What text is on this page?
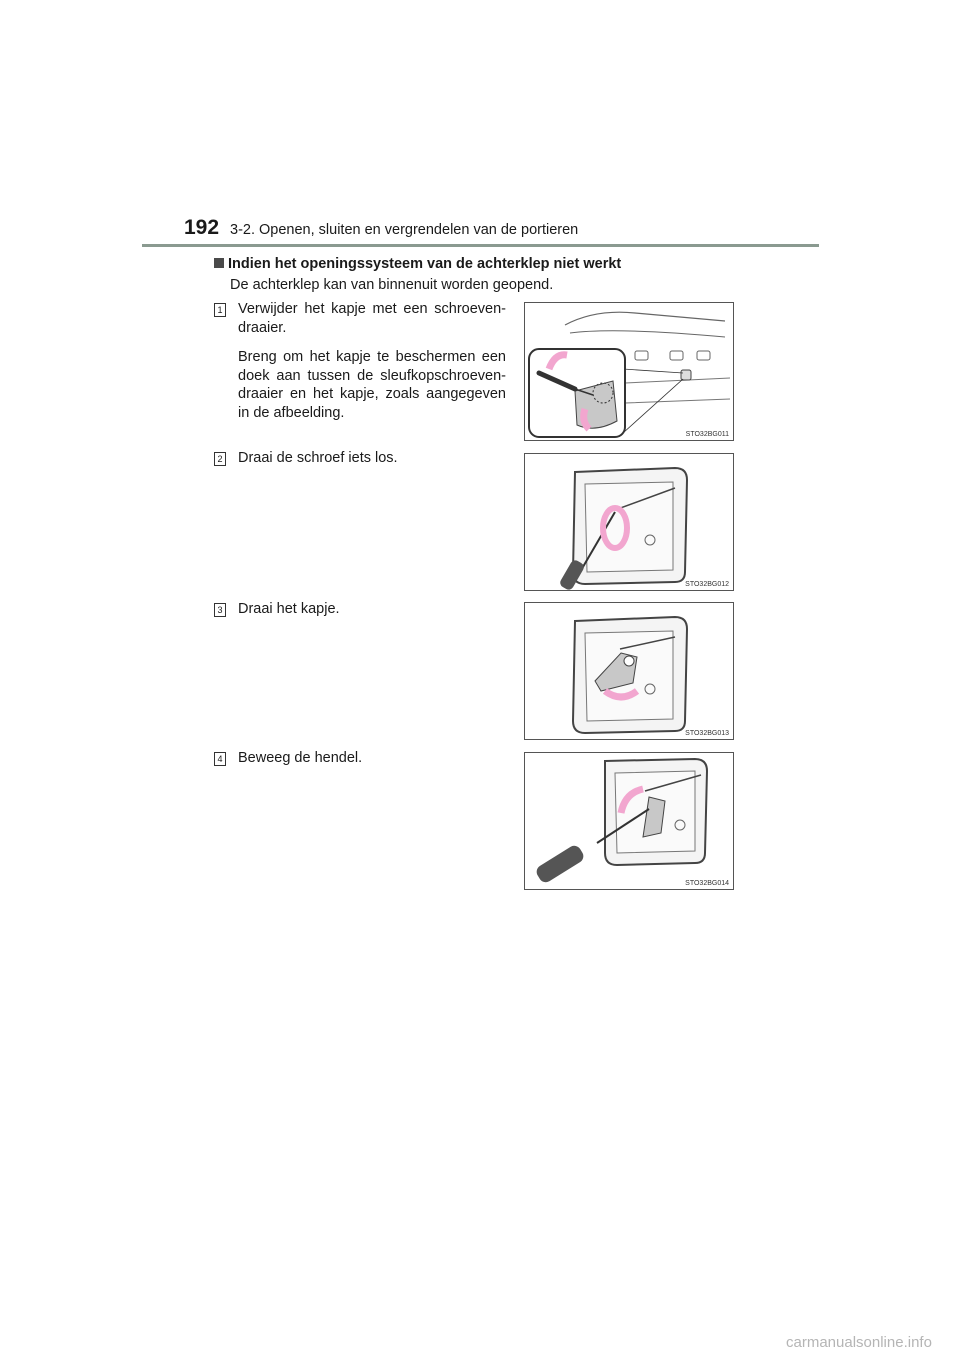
192 3-2. Openen, sluiten en vergrendelen van de portieren
Indien het openingssysteem van de achterklep niet werkt
De achterklep kan van binnenuit worden geopend.
1 Verwijder het kapje met een schroeven-draaier.

Breng om het kapje te beschermen een doek aan tussen de sleufkopschroeven-draaier en het kapje, zoals aangegeven in de afbeelding.

STO32BG011
2 Draai de schroef iets los.
STO32BG012
3 Draai het kapje.
STO32BG013
4 Beweeg de hendel.
STO32BG014
carmanualsonline.info
